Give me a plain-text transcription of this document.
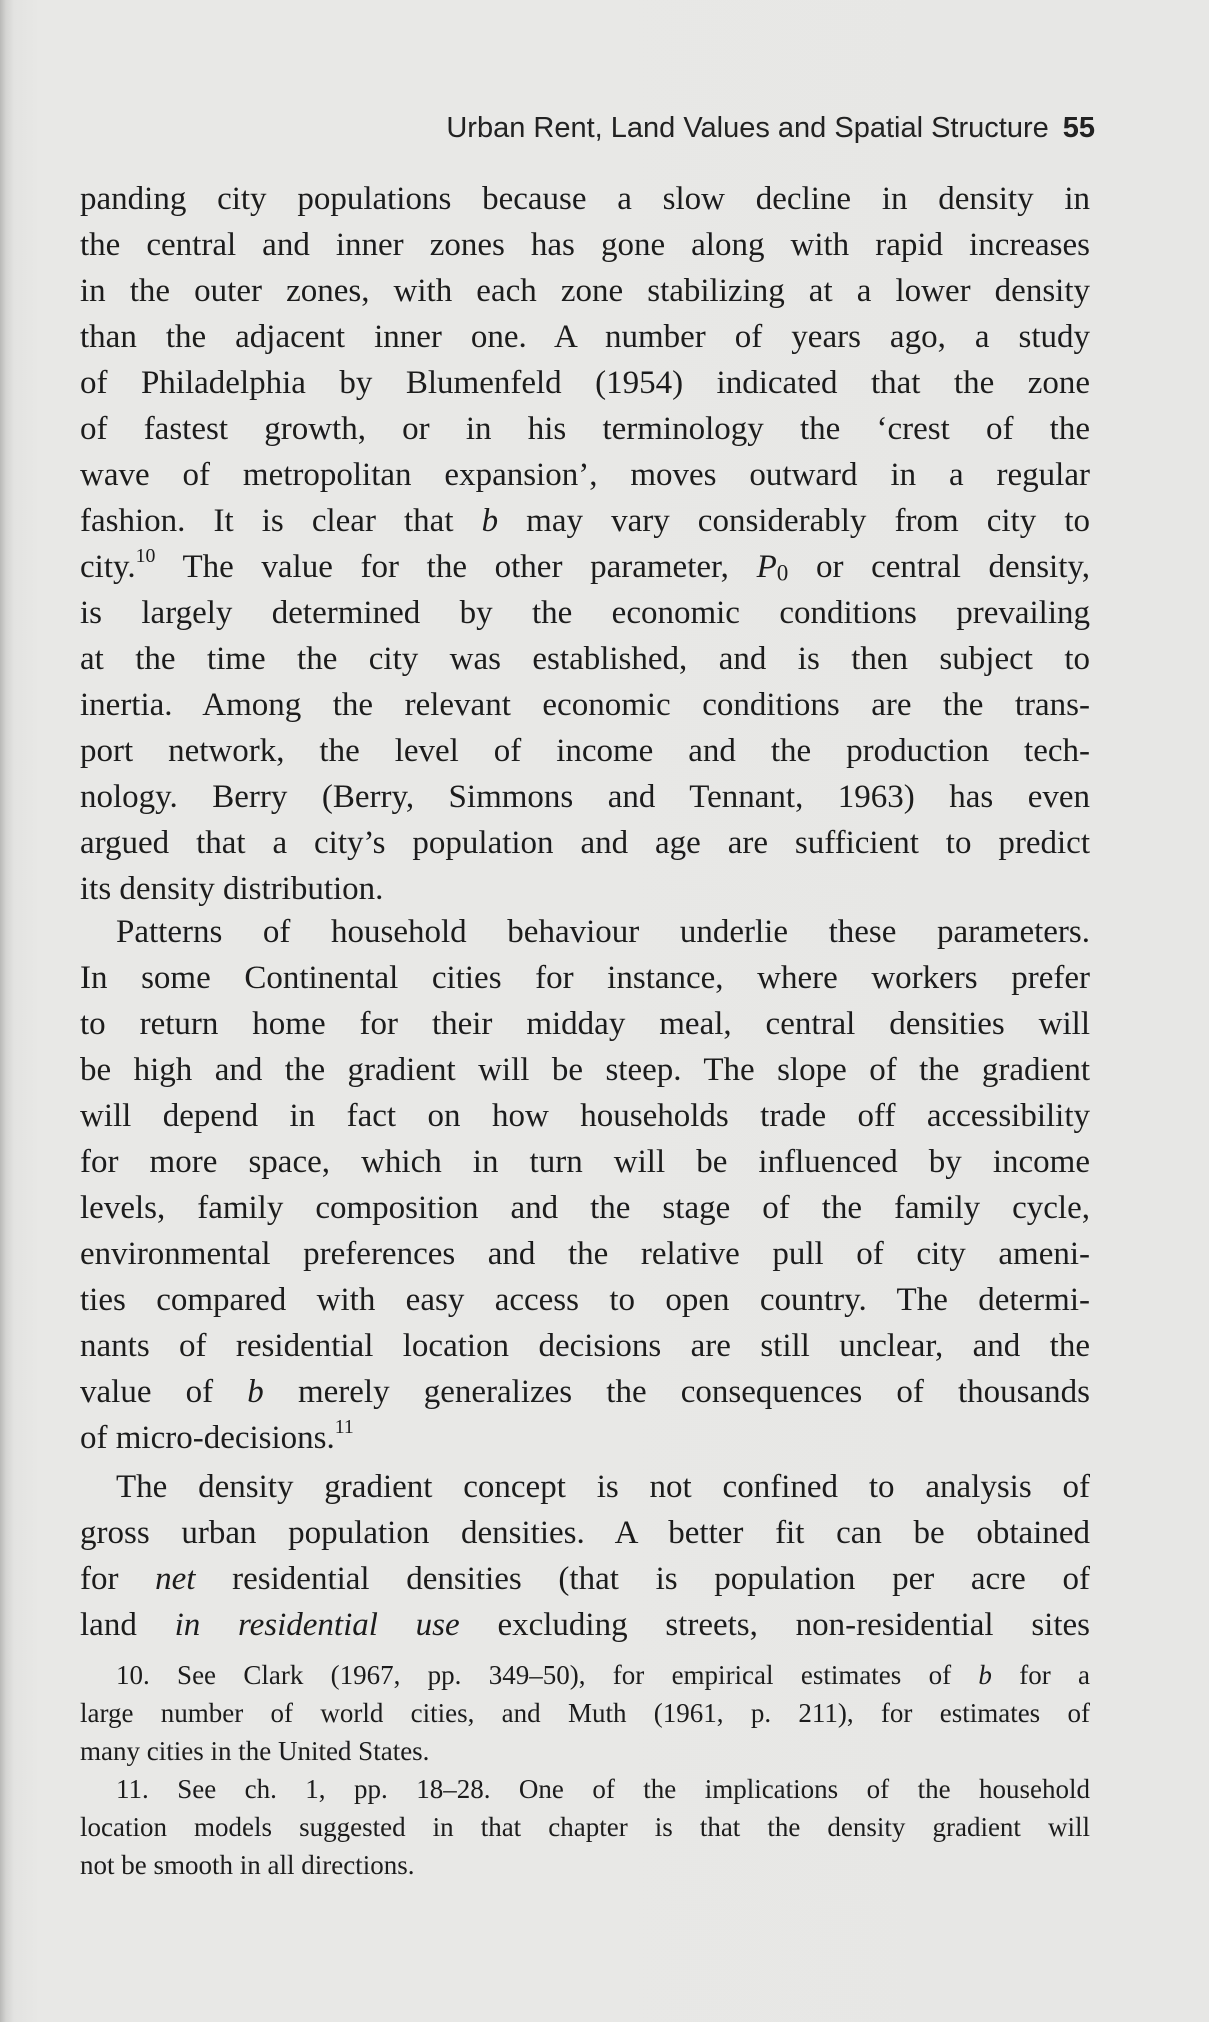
Urban Rent, Land Values and Spatial Structure 55
panding city populations because a slow decline in density in
the central and inner zones has gone along with rapid increases
in the outer zones, with each zone stabilizing at a lower density
than the adjacent inner one. A number of years ago, a study
of Philadelphia by Blumenfeld (1954) indicated that the zone
of fastest growth, or in his terminology the ‘crest of the
wave of metropolitan expansion’, moves outward in a regular
fashion. It is clear that b may vary considerably from city to
city.$^{10}$ The value for the other parameter, $P_0$ or central density,
is largely determined by the economic conditions prevailing
at the time the city was established, and is then subject to
inertia. Among the relevant economic conditions are the trans-
port network, the level of income and the production tech-
nology. Berry (Berry, Simmons and Tennant, 1963) has even
argued that a city’s population and age are sufficient to predict
its density distribution.
Patterns of household behaviour underlie these parameters.
In some Continental cities for instance, where workers prefer
to return home for their midday meal, central densities will
be high and the gradient will be steep. The slope of the gradient
will depend in fact on how households trade off accessibility
for more space, which in turn will be influenced by income
levels, family composition and the stage of the family cycle,
environmental preferences and the relative pull of city ameni-
ties compared with easy access to open country. The determi-
nants of residential location decisions are still unclear, and the
value of b merely generalizes the consequences of thousands
of micro-decisions.$^{11}$
The density gradient concept is not confined to analysis of
gross urban population densities. A better fit can be obtained
for net residential densities (that is population per acre of
land in residential use excluding streets, non-residential sites
10. See Clark (1967, pp. 349–50), for empirical estimates of b for a
large number of world cities, and Muth (1961, p. 211), for estimates of
many cities in the United States.
11. See ch. 1, pp. 18–28. One of the implications of the household
location models suggested in that chapter is that the density gradient will
not be smooth in all directions.
